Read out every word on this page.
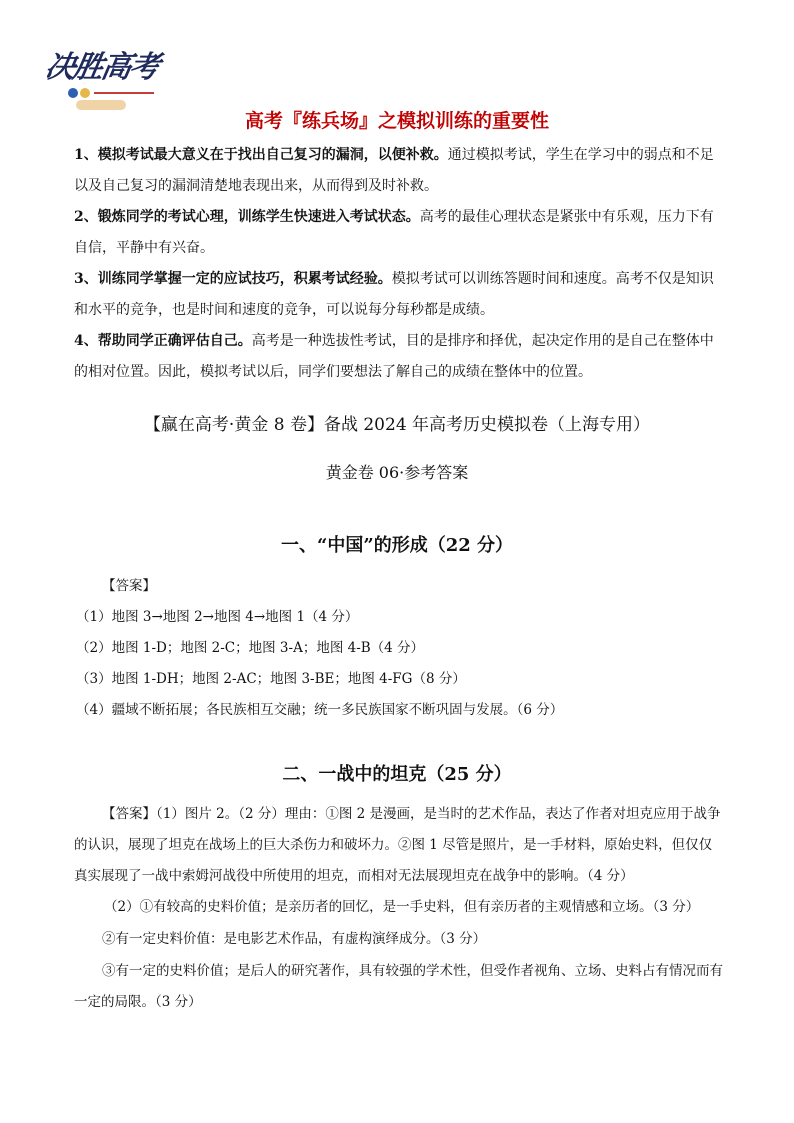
决胜高考
高考『练兵场』之模拟训练的重要性
1、模拟考试最大意义在于找出自己复习的漏洞，以便补救。通过模拟考试，学生在学习中的弱点和不足以及自己复习的漏洞清楚地表现出来，从而得到及时补救。
2、锻炼同学的考试心理，训练学生快速进入考试状态。高考的最佳心理状态是紧张中有乐观，压力下有自信，平静中有兴奋。
3、训练同学掌握一定的应试技巧，积累考试经验。模拟考试可以训练答题时间和速度。高考不仅是知识和水平的竞争，也是时间和速度的竞争，可以说每分每秒都是成绩。
4、帮助同学正确评估自己。高考是一种选拔性考试，目的是排序和择优，起决定作用的是自己在整体中的相对位置。因此，模拟考试以后，同学们要想法了解自己的成绩在整体中的位置。
【赢在高考·黄金 8 卷】备战 2024 年高考历史模拟卷（上海专用）
黄金卷 06·参考答案
一、“中国”的形成（22 分）
【答案】
（1）地图 3→地图 2→地图 4→地图 1（4 分）
（2）地图 1-D；地图 2-C；地图 3-A；地图 4-B（4 分）
（3）地图 1-DH；地图 2-AC；地图 3-BE；地图 4-FG（8 分）
（4）疆域不断拓展；各民族相互交融；统一多民族国家不断巩固与发展。（6 分）
二、一战中的坦克（25 分）
【答案】（1）图片 2。（2 分）理由：①图 2 是漫画，是当时的艺术作品，表达了作者对坦克应用于战争的认识，展现了坦克在战场上的巨大杀伤力和破坏力。②图 1 尽管是照片，是一手材料，原始史料，但仅仅真实展现了一战中索姆河战役中所使用的坦克，而相对无法展现坦克在战争中的影响。（4 分）
（2）①有较高的史料价值；是亲历者的回忆，是一手史料，但有亲历者的主观情感和立场。（3 分）
②有一定史料价值：是电影艺术作品，有虚构演绎成分。（3 分）
③有一定的史料价值；是后人的研究著作，具有较强的学术性，但受作者视角、立场、史料占有情况而有一定的局限。（3 分）
